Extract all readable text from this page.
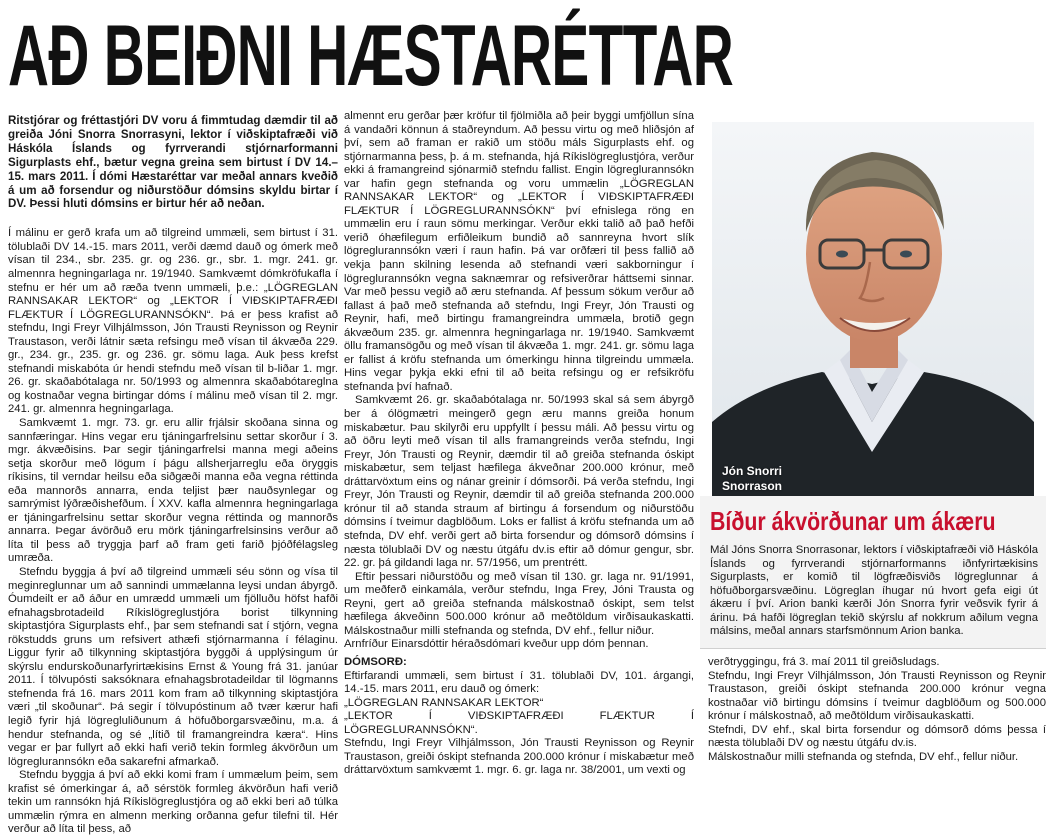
AÐ BEIÐNI HÆSTARÉTTAR

Ritstjórar og fréttastjóri DV voru á fimmtudag dæmdir til að greiða Jóni Snorra Snorrasyni, lektor í viðskiptafræði við Háskóla Íslands og fyrrverandi stjórnarformanni Sigurplasts ehf., bætur vegna greina sem birtust í DV 14.–15. mars 2011. Í dómi Hæstaréttar var meðal annars kveðið á um að forsendur og niðurstöður dómsins skyldu birtar í DV. Þessi hluti dómsins er birtur hér að neðan.

Í málinu er gerð krafa um að tilgreind ummæli, sem birtust í 31. tölublaði DV 14.-15. mars 2011, verði dæmd dauð og ómerk með vísan til 234., sbr. 235. gr. og 236. gr., sbr. 1. mgr. 241. gr. almennra hegningarlaga nr. 19/1940. Samkvæmt dómkröfukafla í stefnu er hér um að ræða tvenn ummæli, þ.e.: „LÖGREGLAN RANNSAKAR LEKTOR“ og „LEKTOR Í VIÐSKIPTAFRÆÐI FLÆKTUR Í LÖGREGLURANNSÓKN“. Þá er þess krafist að stefndu, Ingi Freyr Vilhjálmsson, Jón Trausti Reynisson og Reynir Traustason, verði látnir sæta refsingu með vísan til ákvæða 229. gr., 234. gr., 235. gr. og 236. gr. sömu laga. Auk þess krefst stefnandi miskabóta úr hendi stefndu með vísan til b-liðar 1. mgr. 26. gr. skaðabótalaga nr. 50/1993 og almennra skaðabótareglna og kostnaðar vegna birtingar dóms í málinu með vísan til 2. mgr. 241. gr. almennra hegningarlaga.

Samkvæmt 1. mgr. 73. gr. eru allir frjálsir skoðana sinna og sannfæringar. Hins vegar eru tjáningarfrelsinu settar skorður í 3. mgr. ákvæðisins. Þar segir tjáningarfrelsi manna megi aðeins setja skorður með lögum í þágu allsherjarreglu eða öryggis ríkisins, til verndar heilsu eða siðgæði manna eða vegna réttinda eða mannorðs annarra, enda teljist þær nauðsynlegar og samrýmist lýðræðishefðum. Í XXV. kafla almennra hegningarlaga er tjáningarfrelsinu settar skorður vegna réttinda og mannorðs annarra. Þegar ávörðuð eru mörk tjáningarfrelsinsins verður að líta til þess að tryggja þarf að fram geti farið þjóðfélagsleg umræða.

Stefndu byggja á því að tilgreind ummæli séu sönn og vísa til meginreglunnar um að sannindi ummælanna leysi undan ábyrgð. Óumdeilt er að áður en umrædd ummæli um fjölluðu höfst hafði efnahagsbrotadeild Ríkislögreglustjóra borist tilkynning skiptastjóra Sigurplasts ehf., þar sem stefnandi sat í stjórn, vegna rökstudds gruns um refsivert athæfi stjórnarmanna í félaginu. Liggur fyrir að tilkynning skiptastjóra byggði á upplýsingum úr skýrslu endurskoðunarfyrirtækisins Ernst & Young frá 31. janúar 2011. Í tölvupósti saksóknara efnahagsbrotadeildar til lögmanns stefnenda frá 16. mars 2011 kom fram að tilkynning skiptastjóra væri „til skoðunar“. Þá segir í tölvupóstinum að tvær kærur hafi legið fyrir hjá lögregluliðunum á höfuðborgarsvæðinu, m.a. á hendur stefnanda, og sé „lítið til framangreindra kæra“. Hins vegar er þar fullyrt að ekki hafi verið tekin formleg ákvörðun um lögreglurannsókn eða sakarefni afmarkað.

Stefndu byggja á því að ekki komi fram í ummælum þeim, sem krafist sé ómerkingar á, að sérstök formleg ákvörðun hafi verið tekin um rannsókn hjá Ríkislögreglustjóra og að ekki beri að túlka ummælin rýmra en almenn merking orðanna gefur tilefni til. Hér verður að líta til þess, að

almennt eru gerðar þær kröfur til fjölmiðla að þeir byggi umfjöllun sína á vandaðri könnun á staðreyndum. Að þessu virtu og með hliðsjón af því, sem að framan er rakið um stöðu máls Sigurplasts ehf. og stjórnarmanna þess, þ. á m. stefnanda, hjá Ríkislögreglustjóra, verður ekki á framangreind sjónarmið stefndu fallist. Engin lögreglurannsókn var hafin gegn stefnanda og voru ummælin „LÖGREGLAN RANNSAKAR LEKTOR“ og „LEKTOR Í VIÐSKIPTAFRÆÐI FLÆKTUR Í LÖGREGLURANNSÓKN“ því efnislega röng en ummælin eru í raun sömu merkingar. Verður ekki talið að það hefði verið óhæfilegum erfiðleikum bundið að sannreyna hvort slík lögreglurannsókn væri í raun hafin. Þá var orðfæri til þess fallið að vekja þann skilning lesenda að stefnandi væri sakborningur í lögreglurannsókn vegna saknæmrar og refsiverðrar háttsemi sinnar. Var með þessu vegið að æru stefnanda. Af þessum sökum verður að fallast á það með stefnanda að stefndu, Ingi Freyr, Jón Trausti og Reynir, hafi, með birtingu framangreindra ummæla, brotið gegn ákvæðum 235. gr. almennra hegningarlaga nr. 19/1940. Samkvæmt öllu framansögðu og með vísan til ákvæða 1. mgr. 241. gr. sömu laga er fallist á kröfu stefnanda um ómerkingu hinna tilgreindu ummæla. Hins vegar þykja ekki efni til að beita refsingu og er refsikröfu stefnanda því hafnað.

Samkvæmt 26. gr. skaðabótalaga nr. 50/1993 skal sá sem ábyrgð ber á ólögmætri meingerð gegn æru manns greiða honum miskabætur. Þau skilyrði eru uppfyllt í þessu máli. Að þessu virtu og að öðru leyti með vísan til alls framangreinds verða stefndu, Ingi Freyr, Jón Trausti og Reynir, dæmdir til að greiða stefnanda óskipt miskabætur, sem teljast hæfilega ákveðnar 200.000 krónur, með dráttarvöxtum eins og nánar greinir í dómsorði. Þá verða stefndu, Ingi Freyr, Jón Trausti og Reynir, dæmdir til að greiða stefnanda 200.000 krónur til að standa straum af birtingu á forsendum og niðurstöðu dómsins í tveimur dagblöðum. Loks er fallist á kröfu stefnanda um að stefnda, DV ehf. verði gert að birta forsendur og dómsorð dómsins í næsta tölublaði DV og næstu útgáfu dv.is eftir að dómur gengur, sbr. 22. gr. þá gildandi laga nr. 57/1956, um prentrétt.

Eftir þessari niðurstöðu og með vísan til 130. gr. laga nr. 91/1991, um meðferð einkamála, verður stefndu, Inga Frey, Jóni Trausta og Reyni, gert að greiða stefnanda málskostnað óskipt, sem telst hæfilega ákveðinn 500.000 krónur að meðtöldum virðisaukaskatti. Málskostnaður milli stefnanda og stefnda, DV ehf., fellur niður.

Arnfríður Einarsdóttir héraðsdómari kveður upp dóm þennan.

DÓMSORÐ:

Eftirfarandi ummæli, sem birtust í 31. tölublaði DV, 101. árgangi, 14.-15. mars 2011, eru dauð og ómerk:

„LÖGREGLAN RANNSAKAR LEKTOR“

„LEKTOR Í VIÐSKIPTAFRÆÐI FLÆKTUR Í LÖGREGLURANNSÓKN“.

Stefndu, Ingi Freyr Vilhjálmsson, Jón Trausti Reynisson og Reynir Traustason, greiði óskipt stefnanda 200.000 krónur í miskabætur með dráttarvöxtum samkvæmt 1. mgr. 6. gr. laga nr. 38/2001, um vexti og

verðtryggingu, frá 3. maí 2011 til greiðsludags.

Stefndu, Ingi Freyr Vilhjálmsson, Jón Trausti Reynisson og Reynir Traustason, greiði óskipt stefnanda 200.000 krónur vegna kostnaðar við birtingu dómsins í tveimur dagblöðum og 500.000 krónur í málskostnað, að meðtöldum virðisaukaskatti.

Stefndi, DV ehf., skal birta forsendur og dómsorð dóms þessa í næsta tölublaði DV og næstu útgáfu dv.is.

Málskostnaður milli stefnanda og stefnda, DV ehf., fellur niður.

Jón Snorri
Snorrason
Bíður ákvörðunar um ákæru

Mál Jóns Snorra Snorrasonar, lektors í viðskiptafræði við Háskóla Íslands og fyrrverandi stjórnarformanns iðnfyrirtækisins Sigurplasts, er komið til lögfræðisviðs lögreglunnar á höfuðborgarsvæðinu. Lögreglan íhugar nú hvort gefa eigi út ákæru í því. Arion banki kærði Jón Snorra fyrir veðsvik fyrir á árinu. Þá hafði lögreglan tekið skýrslu af nokkrum aðilum vegna málsins, meðal annars starfsmönnum Arion banka.
